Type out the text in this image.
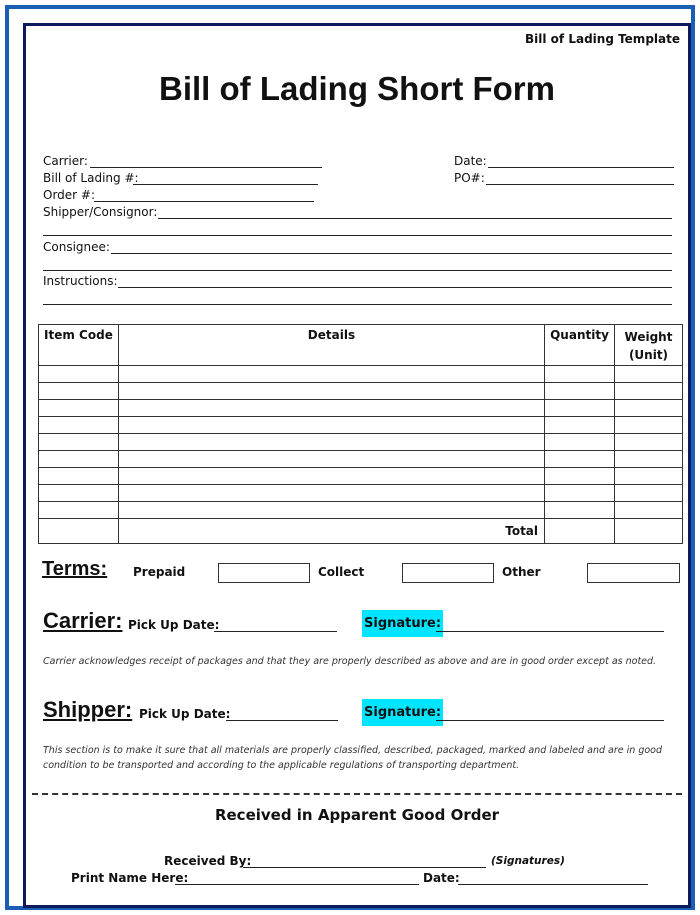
Bill of Lading Template
Bill of Lading Short Form
Carrier:	Date:
Bill of Lading #:	PO#:
Order #:
Shipper/Consignor:
Consignee:
Instructions:
Item Code	Details	Quantity	Weight (Unit)

	Total		
Terms: Prepaid	Collect	Other
Carrier: Pick Up Date:	Signature:
Carrier acknowledges receipt of packages and that they are properly described as above and are in good order except as noted.
Shipper: Pick Up Date:	Signature:
This section is to make it sure that all materials are properly classified, described, packaged, marked and labeled and are in good
condition to be transported and according to the applicable regulations of transporting department.
Received in Apparent Good Order
Received By:	(Signatures)
Print Name Here:	Date:
